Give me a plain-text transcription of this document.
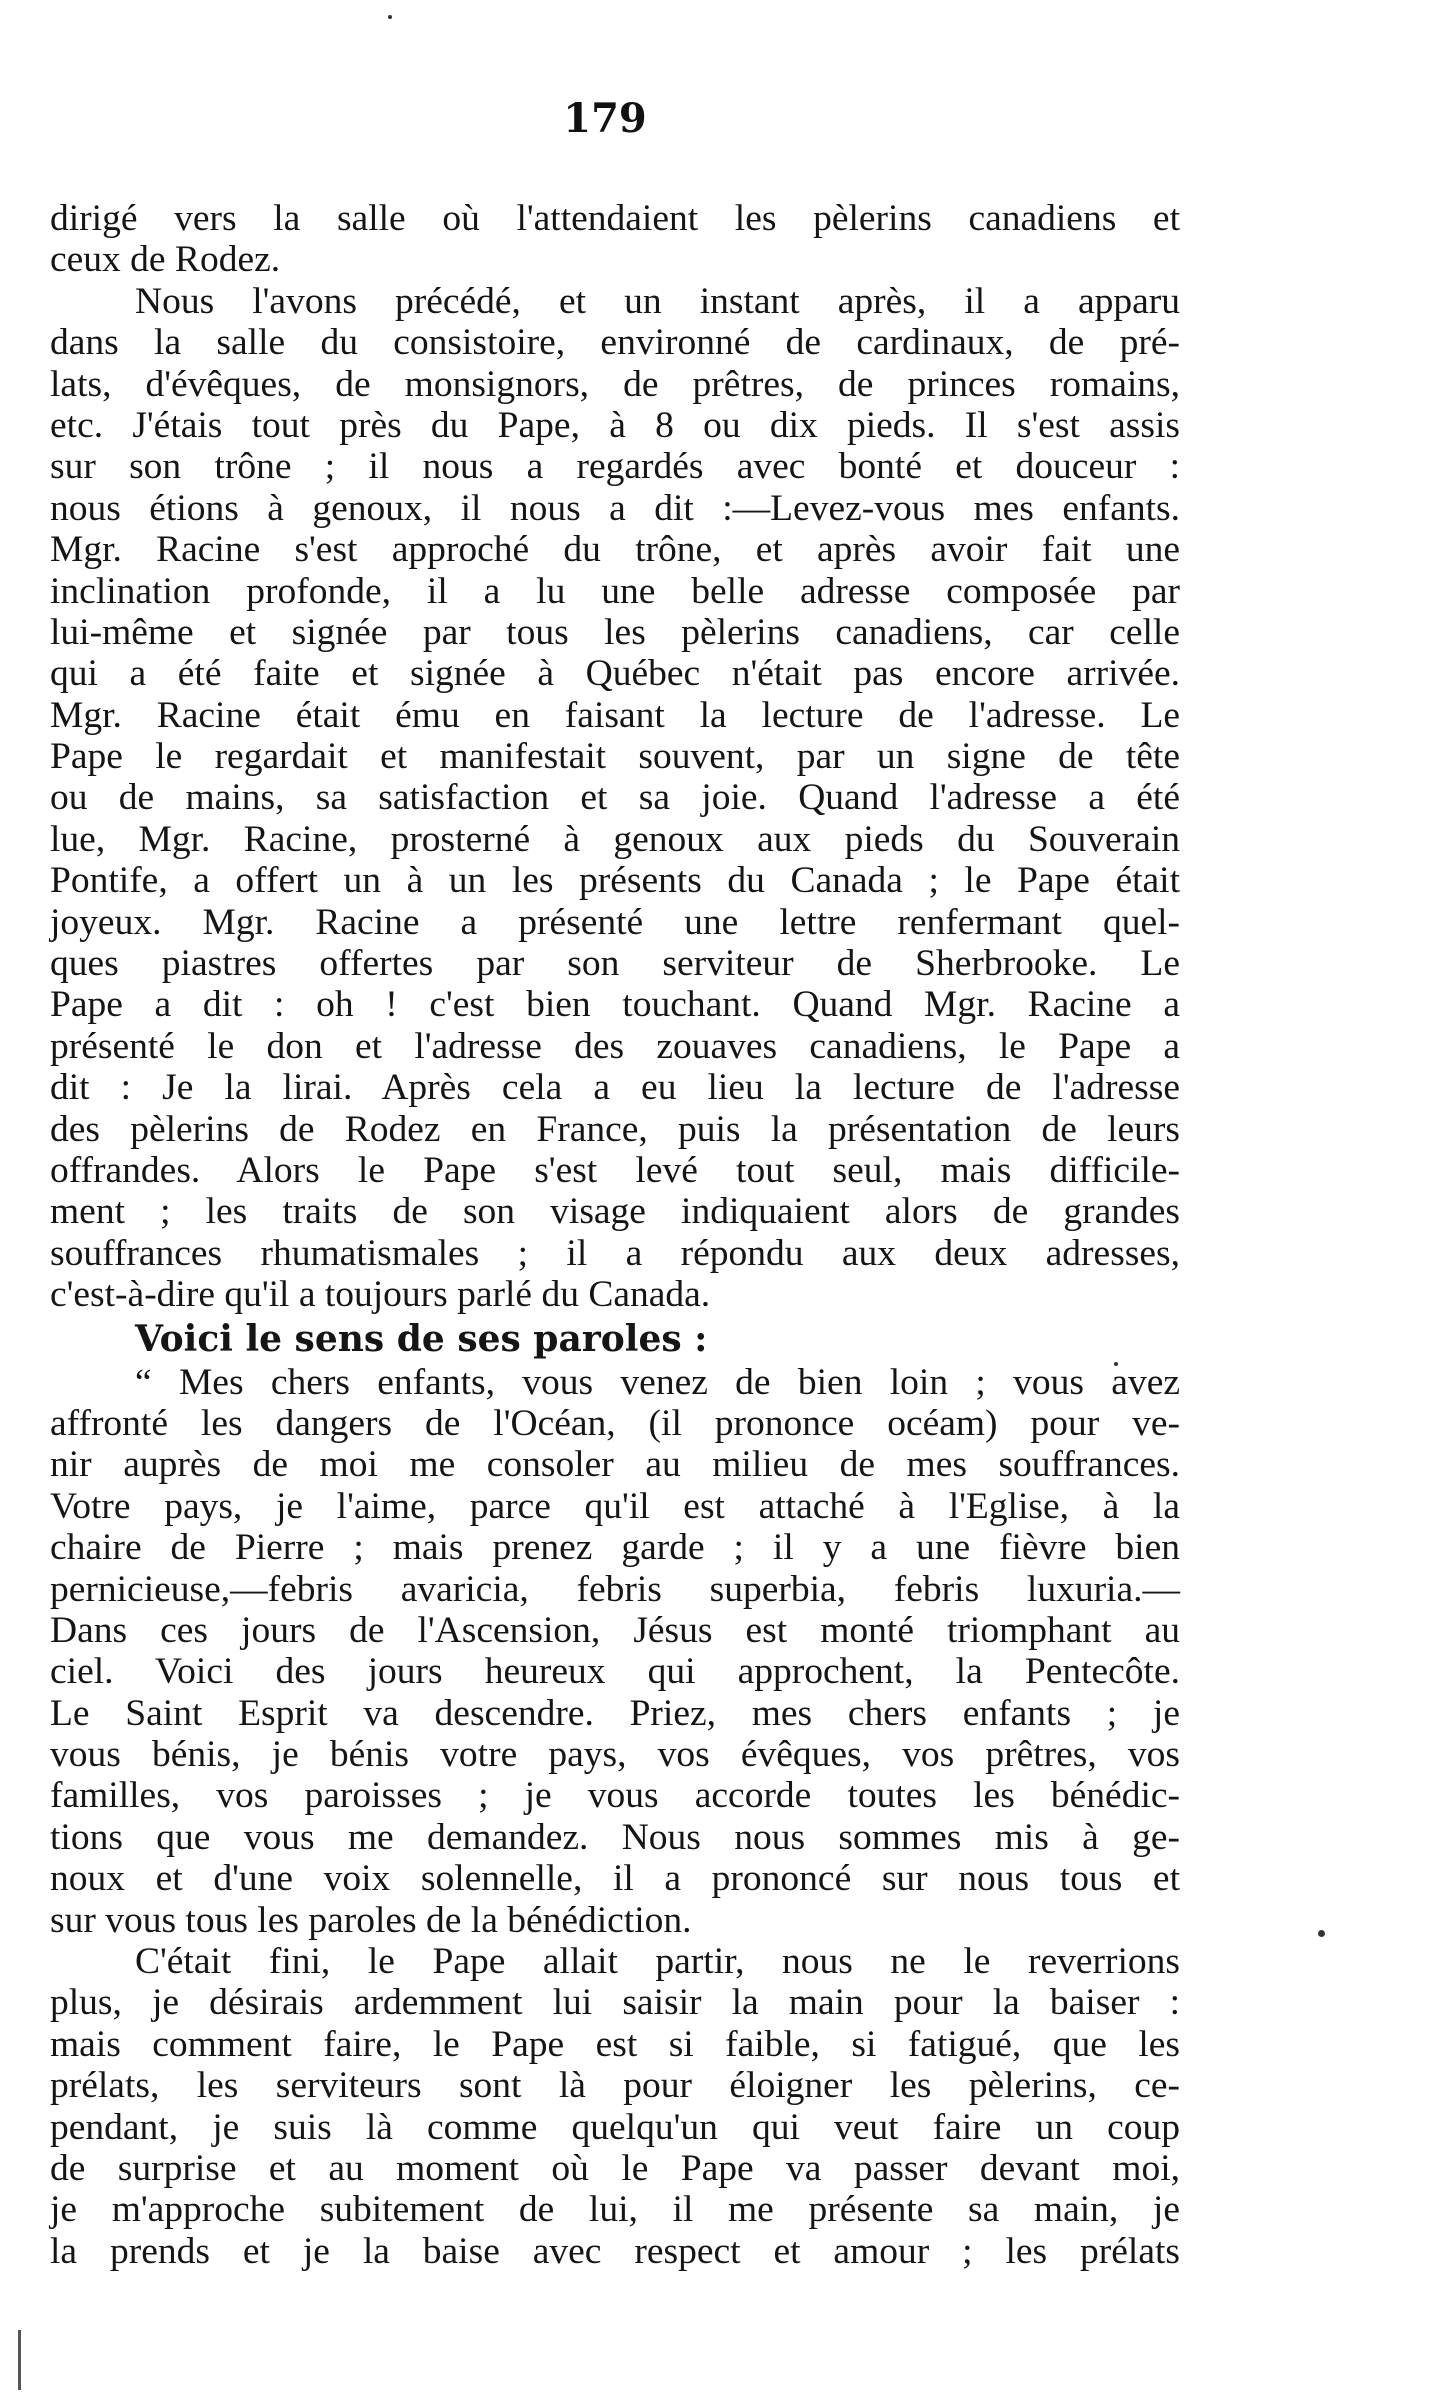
179
dirigé vers la salle où l'attendaient les pèlerins canadiens et
ceux de Rodez.
Nous l'avons précédé, et un instant après, il a apparu
dans la salle du consistoire, environné de cardinaux, de pré-
lats, d'évêques, de monsignors, de prêtres, de princes romains,
etc. J'étais tout près du Pape, à 8 ou dix pieds. Il s'est assis
sur son trône ; il nous a regardés avec bonté et douceur :
nous étions à genoux, il nous a dit :—Levez-vous mes enfants.
Mgr. Racine s'est approché du trône, et après avoir fait une
inclination profonde, il a lu une belle adresse composée par
lui-même et signée par tous les pèlerins canadiens, car celle
qui a été faite et signée à Québec n'était pas encore arrivée.
Mgr. Racine était ému en faisant la lecture de l'adresse. Le
Pape le regardait et manifestait souvent, par un signe de tête
ou de mains, sa satisfaction et sa joie. Quand l'adresse a été
lue, Mgr. Racine, prosterné à genoux aux pieds du Souverain
Pontife, a offert un à un les présents du Canada ; le Pape était
joyeux. Mgr. Racine a présenté une lettre renfermant quel-
ques piastres offertes par son serviteur de Sherbrooke. Le
Pape a dit : oh ! c'est bien touchant. Quand Mgr. Racine a
présenté le don et l'adresse des zouaves canadiens, le Pape a
dit : Je la lirai. Après cela a eu lieu la lecture de l'adresse
des pèlerins de Rodez en France, puis la présentation de leurs
offrandes. Alors le Pape s'est levé tout seul, mais difficile-
ment ; les traits de son visage indiquaient alors de grandes
souffrances rhumatismales ; il a répondu aux deux adresses,
c'est-à-dire qu'il a toujours parlé du Canada.
Voici le sens de ses paroles :
“ Mes chers enfants, vous venez de bien loin ; vous avez
affronté les dangers de l'Océan, (il prononce océam) pour ve-
nir auprès de moi me consoler au milieu de mes souffrances.
Votre pays, je l'aime, parce qu'il est attaché à l'Eglise, à la
chaire de Pierre ; mais prenez garde ; il y a une fièvre bien
pernicieuse,—febris avaricia, febris superbia, febris luxuria.—
Dans ces jours de l'Ascension, Jésus est monté triomphant au
ciel. Voici des jours heureux qui approchent, la Pentecôte.
Le Saint Esprit va descendre. Priez, mes chers enfants ; je
vous bénis, je bénis votre pays, vos évêques, vos prêtres, vos
familles, vos paroisses ; je vous accorde toutes les bénédic-
tions que vous me demandez. Nous nous sommes mis à ge-
noux et d'une voix solennelle, il a prononcé sur nous tous et
sur vous tous les paroles de la bénédiction.
C'était fini, le Pape allait partir, nous ne le reverrions
plus, je désirais ardemment lui saisir la main pour la baiser :
mais comment faire, le Pape est si faible, si fatigué, que les
prélats, les serviteurs sont là pour éloigner les pèlerins, ce-
pendant, je suis là comme quelqu'un qui veut faire un coup
de surprise et au moment où le Pape va passer devant moi,
je m'approche subitement de lui, il me présente sa main, je
la prends et je la baise avec respect et amour ; les prélats
